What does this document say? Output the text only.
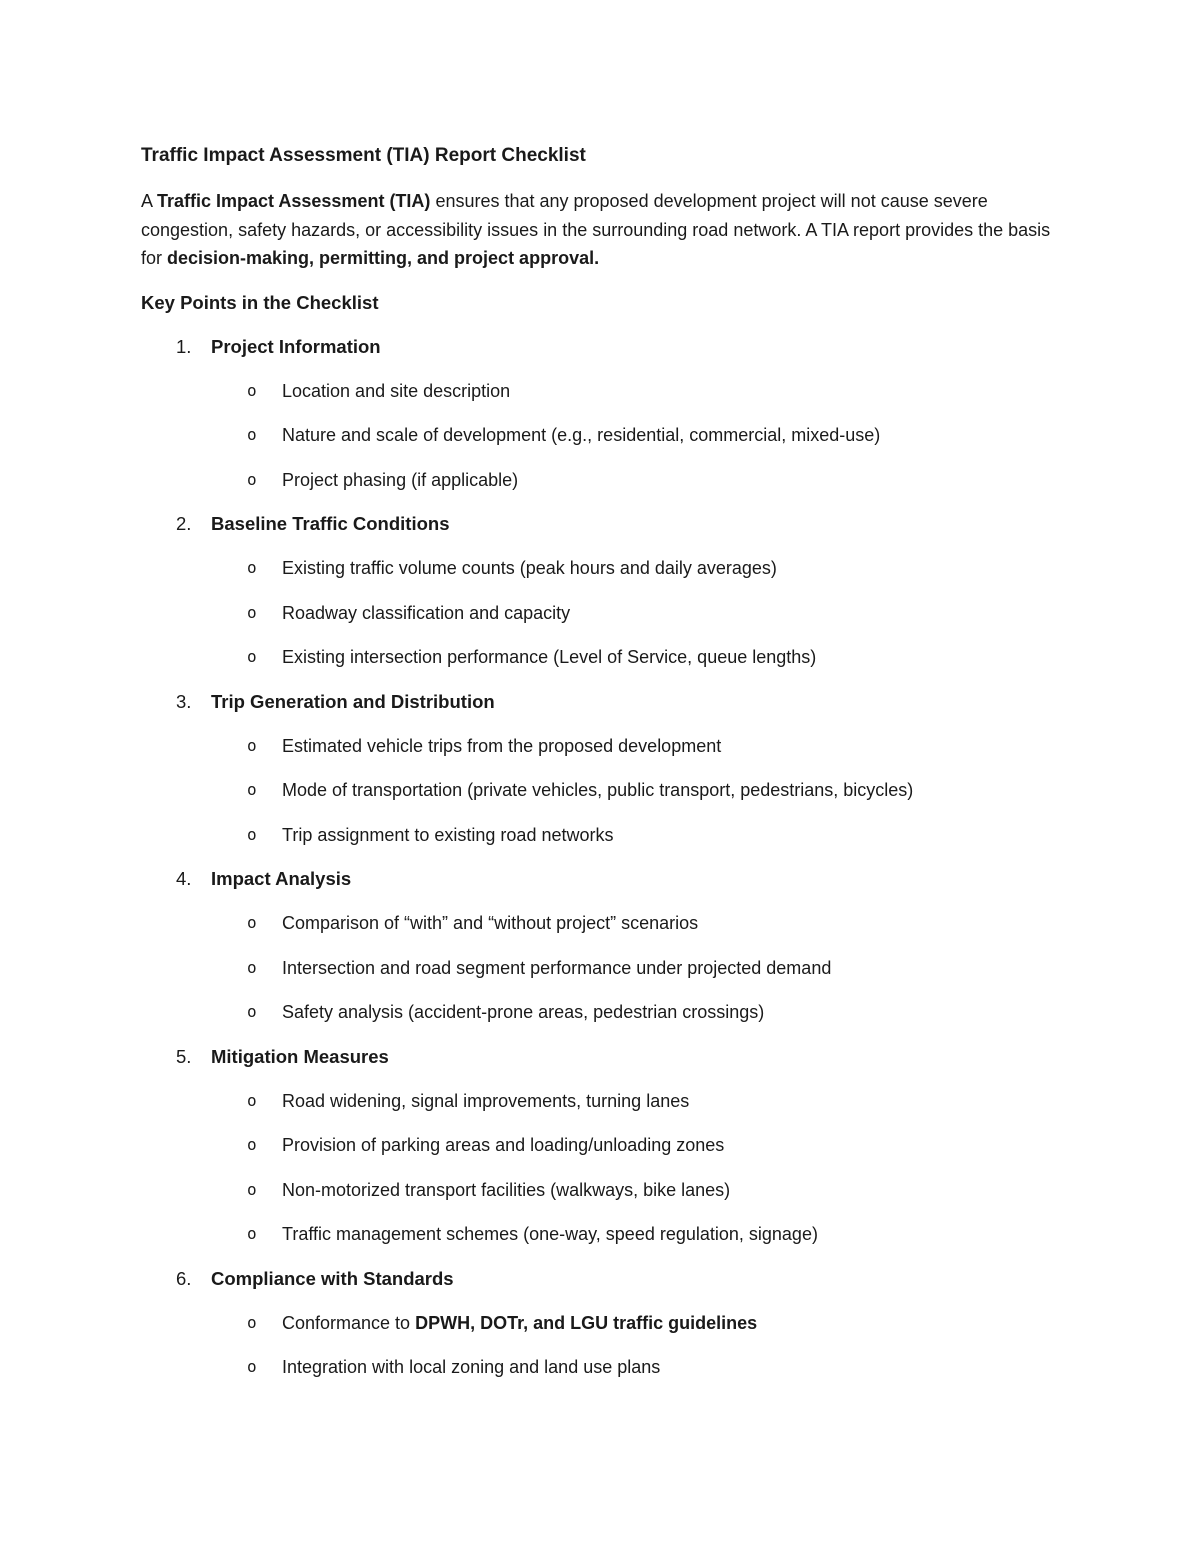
Traffic Impact Assessment (TIA) Report Checklist

A Traffic Impact Assessment (TIA) ensures that any proposed development project will not cause severe congestion, safety hazards, or accessibility issues in the surrounding road network. A TIA report provides the basis for decision-making, permitting, and project approval.

Key Points in the Checklist
1. Project Information
o Location and site description
o Nature and scale of development (e.g., residential, commercial, mixed-use)
o Project phasing (if applicable)
2. Baseline Traffic Conditions
o Existing traffic volume counts (peak hours and daily averages)
o Roadway classification and capacity
o Existing intersection performance (Level of Service, queue lengths)
3. Trip Generation and Distribution
o Estimated vehicle trips from the proposed development
o Mode of transportation (private vehicles, public transport, pedestrians, bicycles)
o Trip assignment to existing road networks
4. Impact Analysis
o Comparison of “with” and “without project” scenarios
o Intersection and road segment performance under projected demand
o Safety analysis (accident-prone areas, pedestrian crossings)
5. Mitigation Measures
o Road widening, signal improvements, turning lanes
o Provision of parking areas and loading/unloading zones
o Non-motorized transport facilities (walkways, bike lanes)
o Traffic management schemes (one-way, speed regulation, signage)
6. Compliance with Standards
o Conformance to DPWH, DOTr, and LGU traffic guidelines
o Integration with local zoning and land use plans
